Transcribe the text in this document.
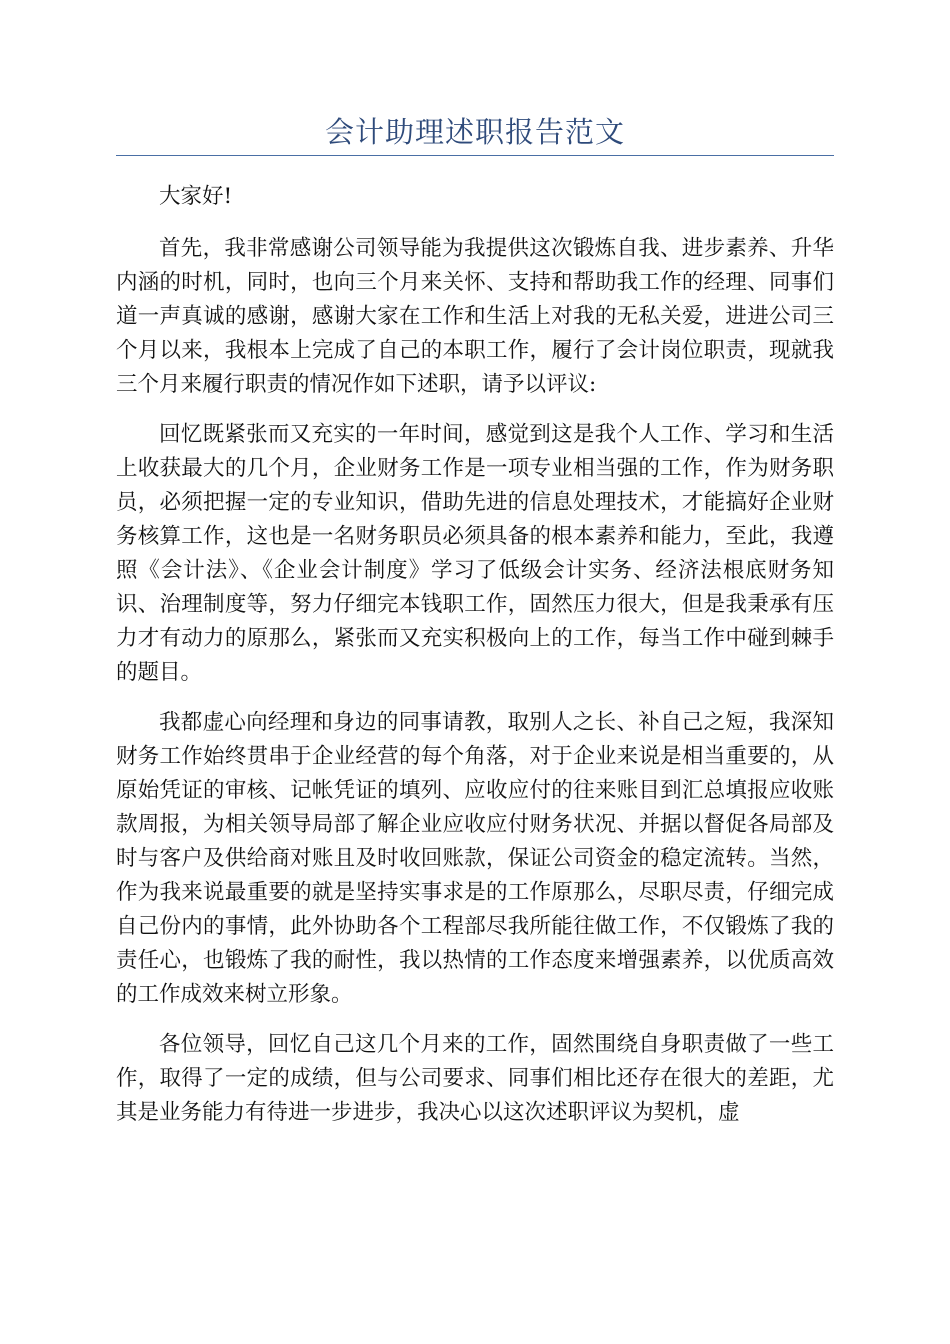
会计助理述职报告范文

大家好!

首先，我非常感谢公司领导能为我提供这次锻炼自我、进步素养、升华内涵的时机，同时，也向三个月来关怀、支持和帮助我工作的经理、同事们道一声真诚的感谢，感谢大家在工作和生活上对我的无私关爱，进进公司三个月以来，我根本上完成了自己的本职工作，履行了会计岗位职责，现就我三个月来履行职责的情况作如下述职，请予以评议:

回忆既紧张而又充实的一年时间，感觉到这是我个人工作、学习和生活上收获最大的几个月，企业财务工作是一项专业相当强的工作，作为财务职员，必须把握一定的专业知识，借助先进的信息处理技术，才能搞好企业财务核算工作，这也是一名财务职员必须具备的根本素养和能力，至此，我遵照《会计法》、《企业会计制度》学习了低级会计实务、经济法根底财务知识、治理制度等，努力仔细完本钱职工作，固然压力很大，但是我秉承有压力才有动力的原那么，紧张而又充实积极向上的工作，每当工作中碰到棘手的题目。

我都虚心向经理和身边的同事请教，取别人之长、补自己之短，我深知财务工作始终贯串于企业经营的每个角落，对于企业来说是相当重要的，从原始凭证的审核、记帐凭证的填列、应收应付的往来账目到汇总填报应收账款周报，为相关领导局部了解企业应收应付财务状况、并据以督促各局部及时与客户及供给商对账且及时收回账款，保证公司资金的稳定流转。当然，作为我来说最重要的就是坚持实事求是的工作原那么，尽职尽责，仔细完成自己份内的事情，此外协助各个工程部尽我所能往做工作，不仅锻炼了我的责任心，也锻炼了我的耐性，我以热情的工作态度来增强素养，以优质高效的工作成效来树立形象。

各位领导，回忆自己这几个月来的工作，固然围绕自身职责做了一些工作，取得了一定的成绩，但与公司要求、同事们相比还存在很大的差距，尤其是业务能力有待进一步进步，我决心以这次述职评议为契机，虚
